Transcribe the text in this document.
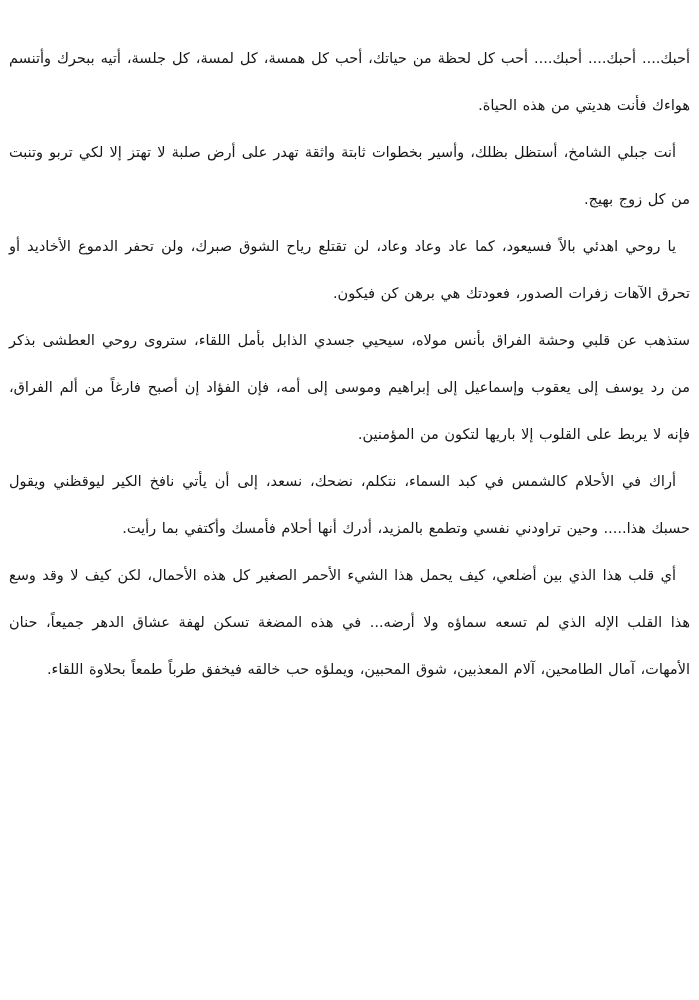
أحبك.... أحبك.... أحبك.... أحب كل لحظة من حياتك، أحب كل همسة، كل لمسة، كل جلسة، أتيه ببحرك وأتنسم هواءك فأنت هديتي من هذه الحياة.

أنت جبلي الشامخ، أستظل بظلك، وأسير بخطوات ثابتة واثقة تهدر على أرض صلبة لا تهتز إلا لكي تربو وتنبت من كل زوج بهيج.

يا روحي اهدئي بالاً فسيعود، كما عاد وعاد وعاد، لن تقتلع رياح الشوق صبرك، ولن تحفر الدموع الأخاديد أو تحرق الآهات زفرات الصدور، فعودتك هي برهن كن فيكون.

ستذهب عن قلبي وحشة الفراق بأنس مولاه، سيحيي جسدي الذابل بأمل اللقاء، ستروى روحي العطشى بذكر من رد يوسف إلى يعقوب وإسماعيل إلى إبراهيم وموسى إلى أمه، فإن الفؤاد إن أصبح فارغاً من ألم الفراق، فإنه لا يربط على القلوب إلا باريها لتكون من المؤمنين.

أراك في الأحلام كالشمس في كبد السماء، نتكلم، نضحك، نسعد، إلى أن يأتي نافخ الكير ليوقظني ويقول حسبك هذا..... وحين تراودني نفسي وتطمع بالمزيد، أدرك أنها أحلام فأمسك وأكتفي بما رأيت.

أي قلب هذا الذي بين أضلعي، كيف يحمل هذا الشيء الأحمر الصغير كل هذه الأحمال، لكن كيف لا وقد وسع هذا القلب الإله الذي لم تسعه سماؤه ولا أرضه... في هذه المضغة تسكن لهفة عشاق الدهر جميعاً، حنان الأمهات، آمال الطامحين، آلام المعذبين، شوق المحبين، ويملؤه حب خالقه فيخفق طرباً طمعاً بحلاوة اللقاء.
